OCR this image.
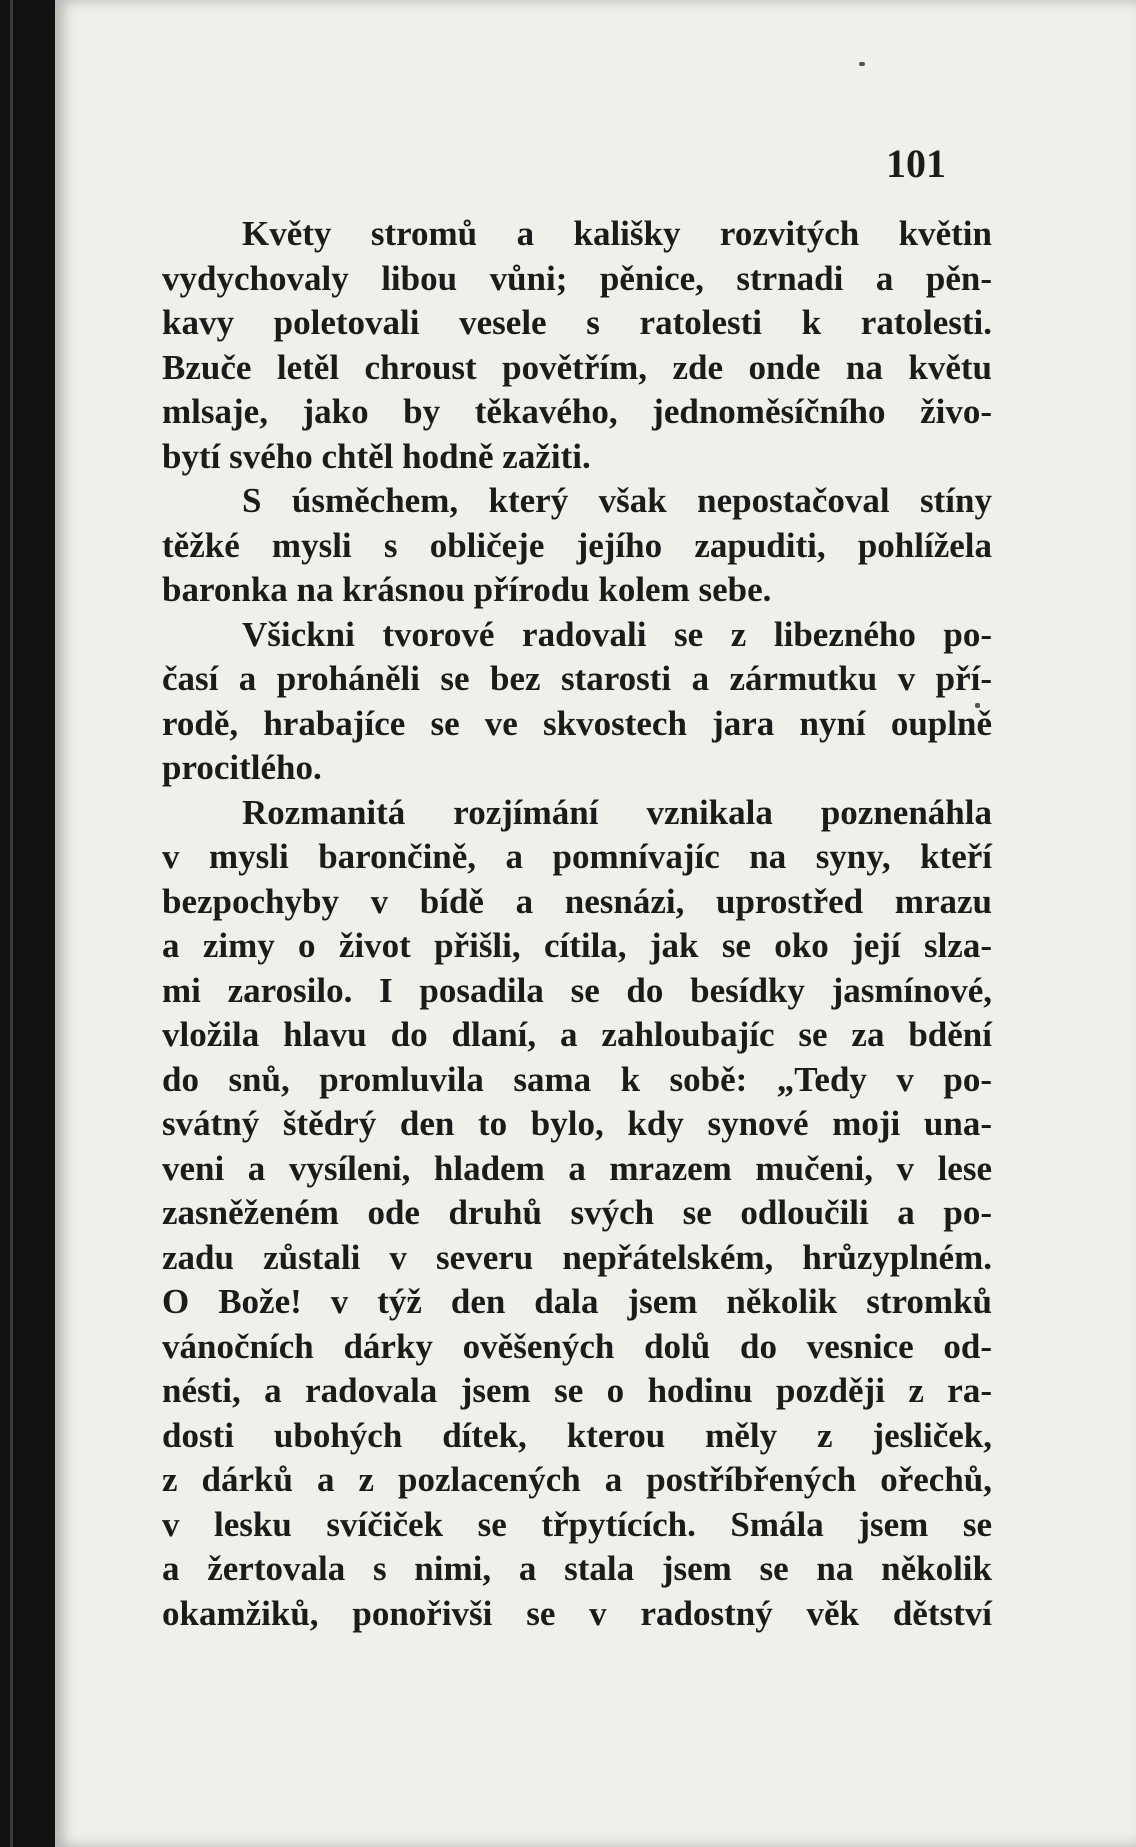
101
Květy stromů a kališky rozvitých květin
vydychovaly libou vůni; pěnice, strnadi a pěn-
kavy poletovali vesele s ratolesti k ratolesti.
Bzuče letěl chroust povětřím, zde onde na květu
mlsaje, jako by těkavého, jednoměsíčního živo-
bytí svého chtěl hodně zažiti.
S úsměchem, který však nepostačoval stíny
těžké mysli s obličeje jejího zapuditi, pohlížela
baronka na krásnou přírodu kolem sebe.
Všickni tvorové radovali se z libezného po-
časí a proháněli se bez starosti a zármutku v pří-
rodě, hrabajíce se ve skvostech jara nyní ouplně
procitlého.
Rozmanitá rozjímání vznikala poznenáhla
v mysli barončině, a pomnívajíc na syny, kteří
bezpochyby v bídě a nesnázi, uprostřed mrazu
a zimy o život přišli, cítila, jak se oko její slza-
mi zarosilo. I posadila se do besídky jasmínové,
vložila hlavu do dlaní, a zahloubajíc se za bdění
do snů, promluvila sama k sobě: „Tedy v po-
svátný štědrý den to bylo, kdy synové moji una-
veni a vysíleni, hladem a mrazem mučeni, v lese
zasněženém ode druhů svých se odloučili a po-
zadu zůstali v severu nepřátelském, hrůzyplném.
O Bože! v týž den dala jsem několik stromků
vánočních dárky ověšených dolů do vesnice od-
nésti, a radovala jsem se o hodinu později z ra-
dosti ubohých dítek, kterou měly z jesliček,
z dárků a z pozlacených a postříbřených ořechů,
v lesku svíčiček se třpytících. Smála jsem se
a žertovala s nimi, a stala jsem se na několik
okamžiků, ponořivši se v radostný věk dětství
